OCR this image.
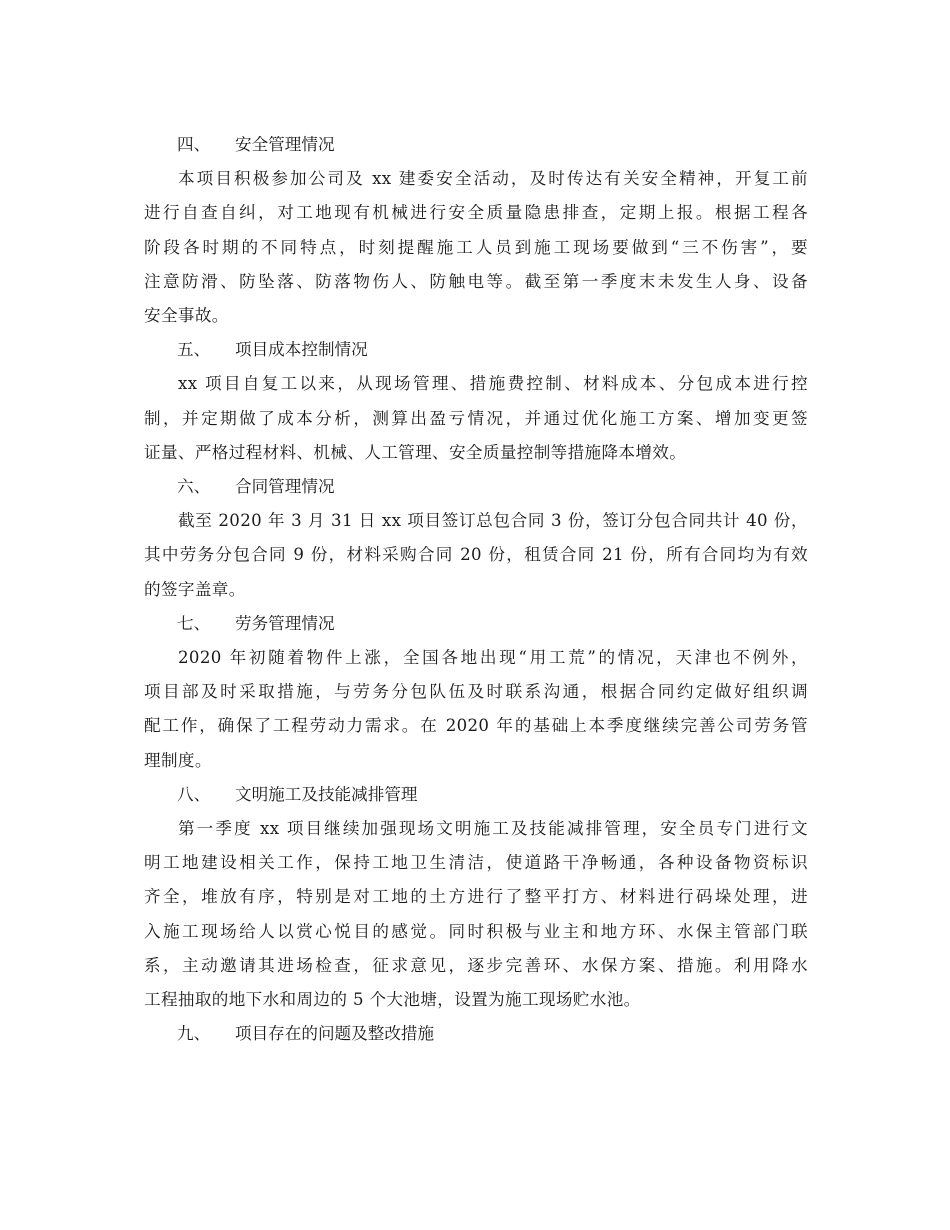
四、 安全管理情况

本项目积极参加公司及 xx 建委安全活动，及时传达有关安全精神，开复工前
进行自查自纠，对工地现有机械进行安全质量隐患排查，定期上报。根据工程各
阶段各时期的不同特点，时刻提醒施工人员到施工现场要做到“三不伤害”，要
注意防滑、防坠落、防落物伤人、防触电等。截至第一季度末未发生人身、设备
安全事故。

五、 项目成本控制情况

xx 项目自复工以来，从现场管理、措施费控制、材料成本、分包成本进行控
制，并定期做了成本分析，测算出盈亏情况，并通过优化施工方案、增加变更签
证量、严格过程材料、机械、人工管理、安全质量控制等措施降本增效。

六、 合同管理情况

截至 2020 年 3 月 31 日 xx 项目签订总包合同 3 份，签订分包合同共计 40 份，
其中劳务分包合同 9 份，材料采购合同 20 份，租赁合同 21 份，所有合同均为有效
的签字盖章。

七、 劳务管理情况

2020 年初随着物件上涨，全国各地出现“用工荒”的情况，天津也不例外，
项目部及时采取措施，与劳务分包队伍及时联系沟通，根据合同约定做好组织调
配工作，确保了工程劳动力需求。在 2020 年的基础上本季度继续完善公司劳务管
理制度。

八、 文明施工及技能减排管理

第一季度 xx 项目继续加强现场文明施工及技能减排管理，安全员专门进行文
明工地建设相关工作，保持工地卫生清洁，使道路干净畅通，各种设备物资标识
齐全，堆放有序，特别是对工地的土方进行了整平打方、材料进行码垛处理，进
入施工现场给人以赏心悦目的感觉。同时积极与业主和地方环、水保主管部门联
系，主动邀请其进场检查，征求意见，逐步完善环、水保方案、措施。利用降水
工程抽取的地下水和周边的 5 个大池塘，设置为施工现场贮水池。

九、 项目存在的问题及整改措施
